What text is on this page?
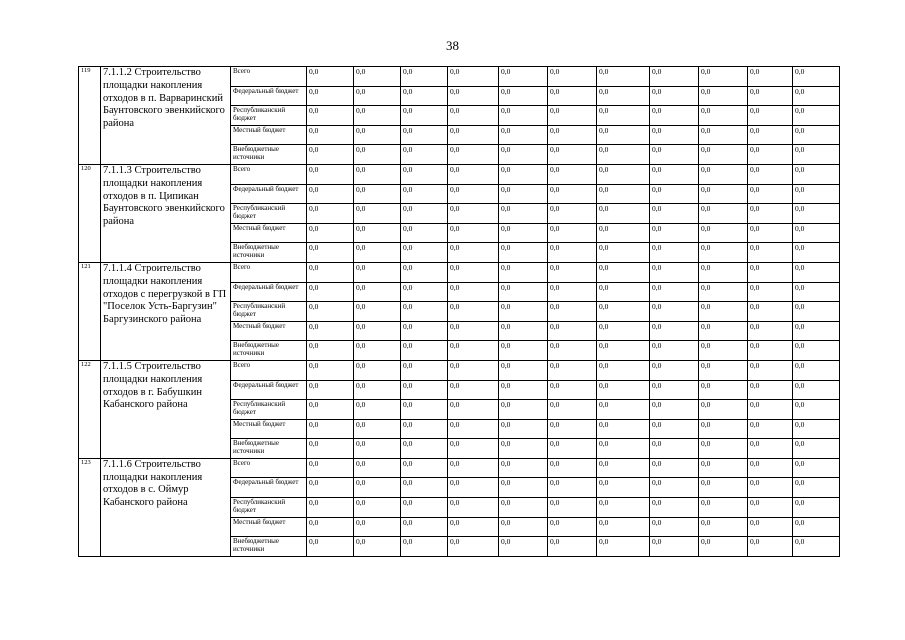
38
119	7.1.1.2 Строительство площадки накопления отходов в п. Варваринский Баунтовского эвенкийского района	Всего	0,0	0,0	0,0	0,0	0,0	0,0	0,0	0,0	0,0	0,0	0,0
		Федеральный бюджет	0,0	0,0	0,0	0,0	0,0	0,0	0,0	0,0	0,0	0,0	0,0
		Республиканский бюджет	0,0	0,0	0,0	0,0	0,0	0,0	0,0	0,0	0,0	0,0	0,0
		Местный бюджет	0,0	0,0	0,0	0,0	0,0	0,0	0,0	0,0	0,0	0,0	0,0
		Внебюджетные источники	0,0	0,0	0,0	0,0	0,0	0,0	0,0	0,0	0,0	0,0	0,0
120	7.1.1.3 Строительство площадки накопления отходов в п. Ципикан Баунтовского эвенкийского района	Всего	0,0	0,0	0,0	0,0	0,0	0,0	0,0	0,0	0,0	0,0	0,0
		Федеральный бюджет	0,0	0,0	0,0	0,0	0,0	0,0	0,0	0,0	0,0	0,0	0,0
		Республиканский бюджет	0,0	0,0	0,0	0,0	0,0	0,0	0,0	0,0	0,0	0,0	0,0
		Местный бюджет	0,0	0,0	0,0	0,0	0,0	0,0	0,0	0,0	0,0	0,0	0,0
		Внебюджетные источники	0,0	0,0	0,0	0,0	0,0	0,0	0,0	0,0	0,0	0,0	0,0
121	7.1.1.4 Строительство площадки накопления отходов с перегрузкой в ГП "Поселок Усть-Баргузин" Баргузинского района	Всего	0,0	0,0	0,0	0,0	0,0	0,0	0,0	0,0	0,0	0,0	0,0
		Федеральный бюджет	0,0	0,0	0,0	0,0	0,0	0,0	0,0	0,0	0,0	0,0	0,0
		Республиканский бюджет	0,0	0,0	0,0	0,0	0,0	0,0	0,0	0,0	0,0	0,0	0,0
		Местный бюджет	0,0	0,0	0,0	0,0	0,0	0,0	0,0	0,0	0,0	0,0	0,0
		Внебюджетные источники	0,0	0,0	0,0	0,0	0,0	0,0	0,0	0,0	0,0	0,0	0,0
122	7.1.1.5 Строительство площадки накопления отходов в г. Бабушкин Кабанского района	Всего	0,0	0,0	0,0	0,0	0,0	0,0	0,0	0,0	0,0	0,0	0,0
		Федеральный бюджет	0,0	0,0	0,0	0,0	0,0	0,0	0,0	0,0	0,0	0,0	0,0
		Республиканский бюджет	0,0	0,0	0,0	0,0	0,0	0,0	0,0	0,0	0,0	0,0	0,0
		Местный бюджет	0,0	0,0	0,0	0,0	0,0	0,0	0,0	0,0	0,0	0,0	0,0
		Внебюджетные источники	0,0	0,0	0,0	0,0	0,0	0,0	0,0	0,0	0,0	0,0	0,0
123	7.1.1.6 Строительство площадки накопления отходов в с. Оймур Кабанского района	Всего	0,0	0,0	0,0	0,0	0,0	0,0	0,0	0,0	0,0	0,0	0,0
		Федеральный бюджет	0,0	0,0	0,0	0,0	0,0	0,0	0,0	0,0	0,0	0,0	0,0
		Республиканский бюджет	0,0	0,0	0,0	0,0	0,0	0,0	0,0	0,0	0,0	0,0	0,0
		Местный бюджет	0,0	0,0	0,0	0,0	0,0	0,0	0,0	0,0	0,0	0,0	0,0
		Внебюджетные источники	0,0	0,0	0,0	0,0	0,0	0,0	0,0	0,0	0,0	0,0	0,0
